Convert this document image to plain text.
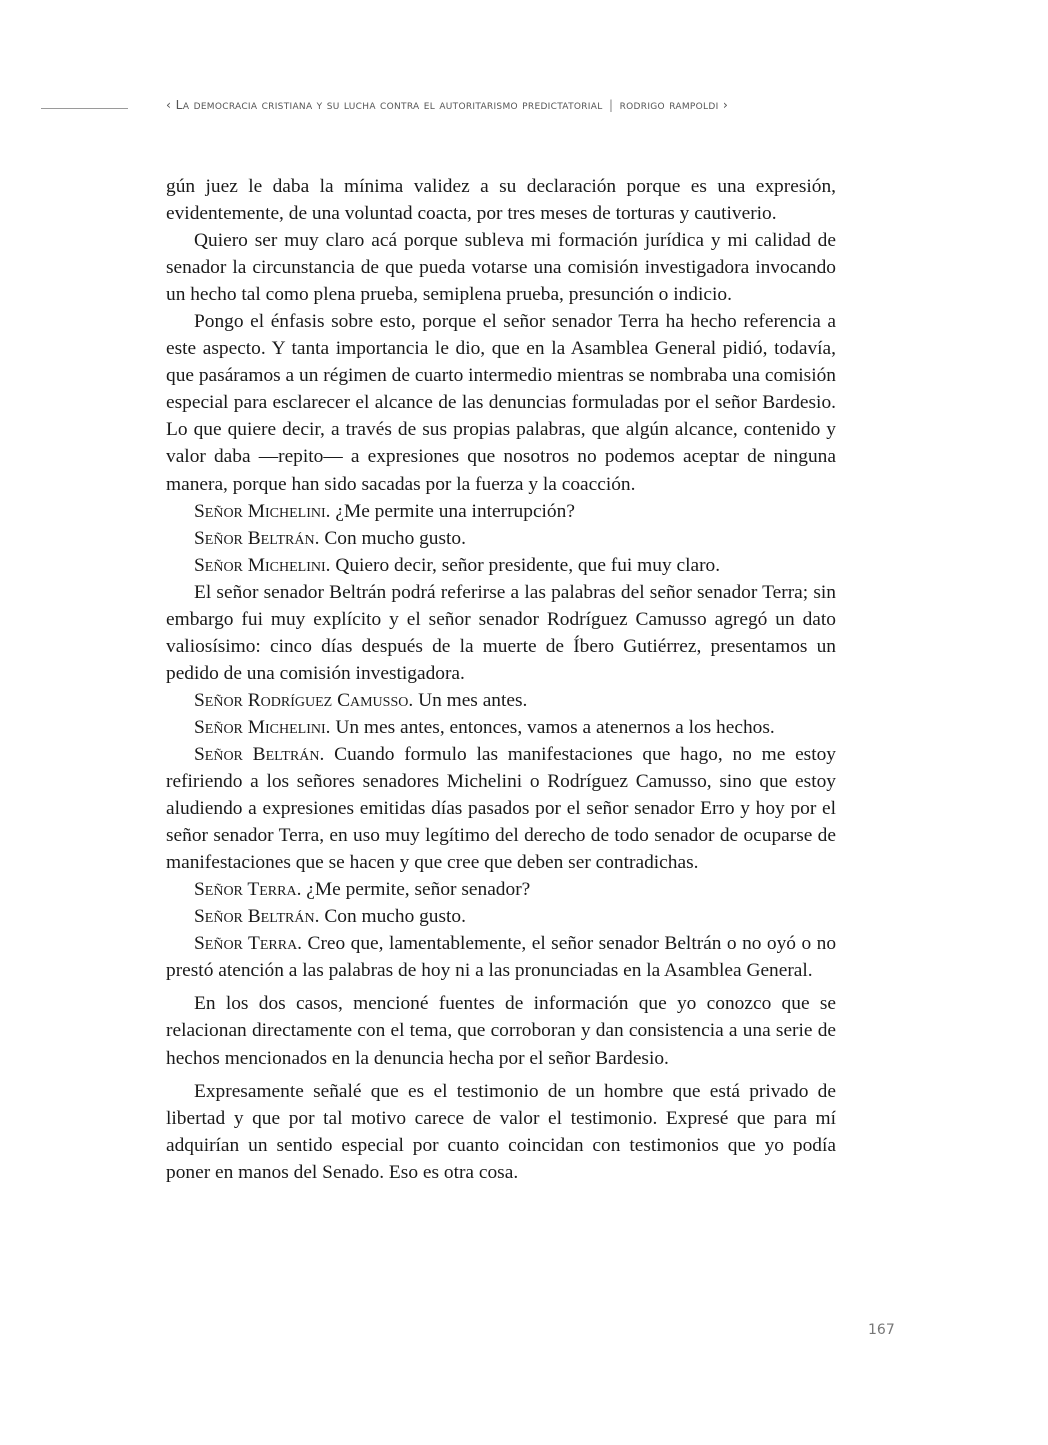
‹ La democracia cristiana y su lucha contra el autoritarismo predictatorial | rodrigo rampoldi ›

gún juez le daba la mínima validez a su declaración porque es una expresión, evidentemente, de una voluntad coacta, por tres meses de torturas y cautiverio.

Quiero ser muy claro acá porque subleva mi formación jurídica y mi calidad de senador la circunstancia de que pueda votarse una comisión investigadora invocando un hecho tal como plena prueba, semiplena prueba, presunción o indicio.

Pongo el énfasis sobre esto, porque el señor senador Terra ha hecho referencia a este aspecto. Y tanta importancia le dio, que en la Asamblea General pidió, todavía, que pasáramos a un régimen de cuarto intermedio mientras se nombraba una comisión especial para esclarecer el alcance de las denuncias formuladas por el señor Bardesio. Lo que quiere decir, a través de sus propias palabras, que algún alcance, contenido y valor daba —repito— a expresiones que nosotros no podemos aceptar de ninguna manera, porque han sido sacadas por la fuerza y la coacción.

Señor Michelini. ¿Me permite una interrupción?

Señor Beltrán. Con mucho gusto.

Señor Michelini. Quiero decir, señor presidente, que fui muy claro.

El señor senador Beltrán podrá referirse a las palabras del señor senador Terra; sin embargo fui muy explícito y el señor senador Rodríguez Camusso agregó un dato valiosísimo: cinco días después de la muerte de Íbero Gutiérrez, presentamos un pedido de una comisión investigadora.

Señor Rodríguez Camusso. Un mes antes.

Señor Michelini. Un mes antes, entonces, vamos a atenernos a los hechos.

Señor Beltrán. Cuando formulo las manifestaciones que hago, no me estoy refiriendo a los señores senadores Michelini o Rodríguez Camusso, sino que estoy aludiendo a expresiones emitidas días pasados por el señor senador Erro y hoy por el señor senador Terra, en uso muy legítimo del derecho de todo senador de ocuparse de manifestaciones que se hacen y que cree que deben ser contradichas.

Señor Terra. ¿Me permite, señor senador?

Señor Beltrán. Con mucho gusto.

Señor Terra. Creo que, lamentablemente, el señor senador Beltrán o no oyó o no prestó atención a las palabras de hoy ni a las pronunciadas en la Asamblea General.

En los dos casos, mencioné fuentes de información que yo conozco que se relacionan directamente con el tema, que corroboran y dan consistencia a una serie de hechos mencionados en la denuncia hecha por el señor Bardesio.

Expresamente señalé que es el testimonio de un hombre que está privado de libertad y que por tal motivo carece de valor el testimonio. Expresé que para mí adquirían un sentido especial por cuanto coincidan con testimonios que yo podía poner en manos del Senado. Eso es otra cosa.

167
